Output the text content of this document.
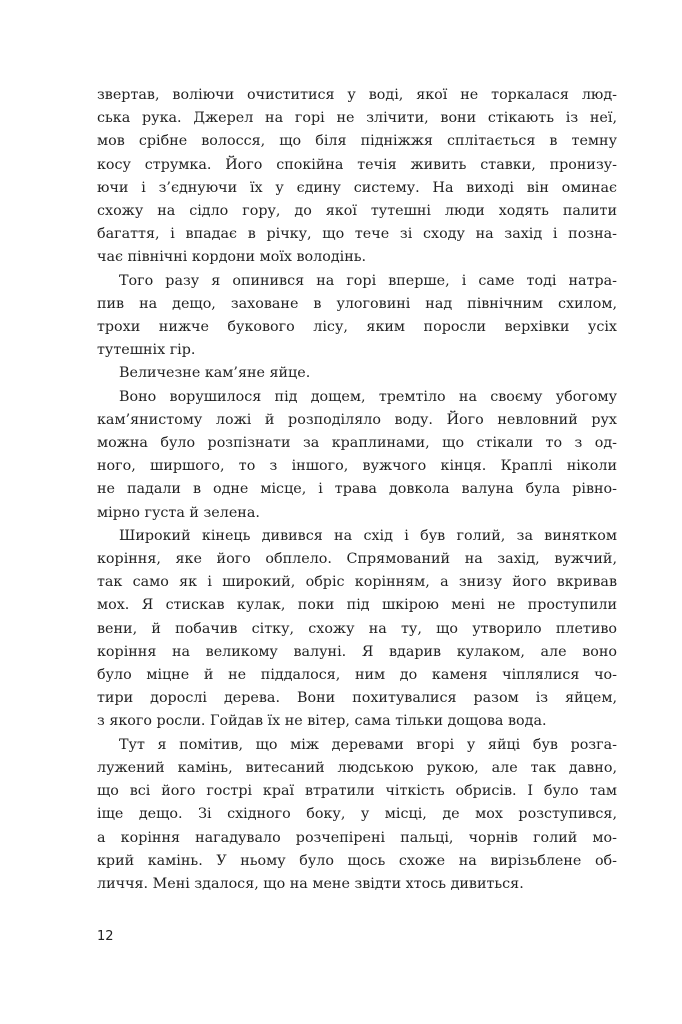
звертав, воліючи очиститися у воді, якої не торкалася люд-
ська рука. Джерел на горі не злічити, вони стікають із неї,
мов срібне волосся, що біля підніжжя сплітається в темну
косу струмка. Його спокійна течія живить ставки, пронизу-
ючи і з’єднуючи їх у єдину систему. На виході він оминає
схожу на сідло гору, до якої тутешні люди ходять палити
багаття, і впадає в річку, що тече зі сходу на захід і позна-
чає північні кордони моїх володінь.
Того разу я опинився на горі вперше, і саме тоді натра-
пив на дещо, заховане в улоговині над північним схилом,
трохи нижче букового лісу, яким поросли верхівки усіх
тутешніх гір.
Величезне кам’яне яйце.
Воно ворушилося під дощем, тремтіло на своєму убогому
кам’янистому ложі й розподіляло воду. Його невловний рух
можна було розпізнати за краплинами, що стікали то з од-
ного, ширшого, то з іншого, вужчого кінця. Краплі ніколи
не падали в одне місце, і трава довкола валуна була рівно-
мірно густа й зелена.
Широкий кінець дивився на схід і був голий, за винятком
коріння, яке його обплело. Спрямований на захід, вужчий,
так само як і широкий, обріс корінням, а знизу його вкривав
мох. Я стискав кулак, поки під шкірою мені не проступили
вени, й побачив сітку, схожу на ту, що утворило плетиво
коріння на великому валуні. Я вдарив кулаком, але воно
було міцне й не піддалося, ним до каменя чіплялися чо-
тири дорослі дерева. Вони похитувалися разом із яйцем,
з якого росли. Гойдав їх не вітер, сама тільки дощова вода.
Тут я помітив, що між деревами вгорі у яйці був розга-
лужений камінь, витесаний людською рукою, але так давно,
що всі його гострі краї втратили чіткість обрисів. І було там
іще дещо. Зі східного боку, у місці, де мох розступився,
а коріння нагадувало розчепірені пальці, чорнів голий мо-
крий камінь. У ньому було щось схоже на вирізьблене об-
личчя. Мені здалося, що на мене звідти хтось дивиться.
12
